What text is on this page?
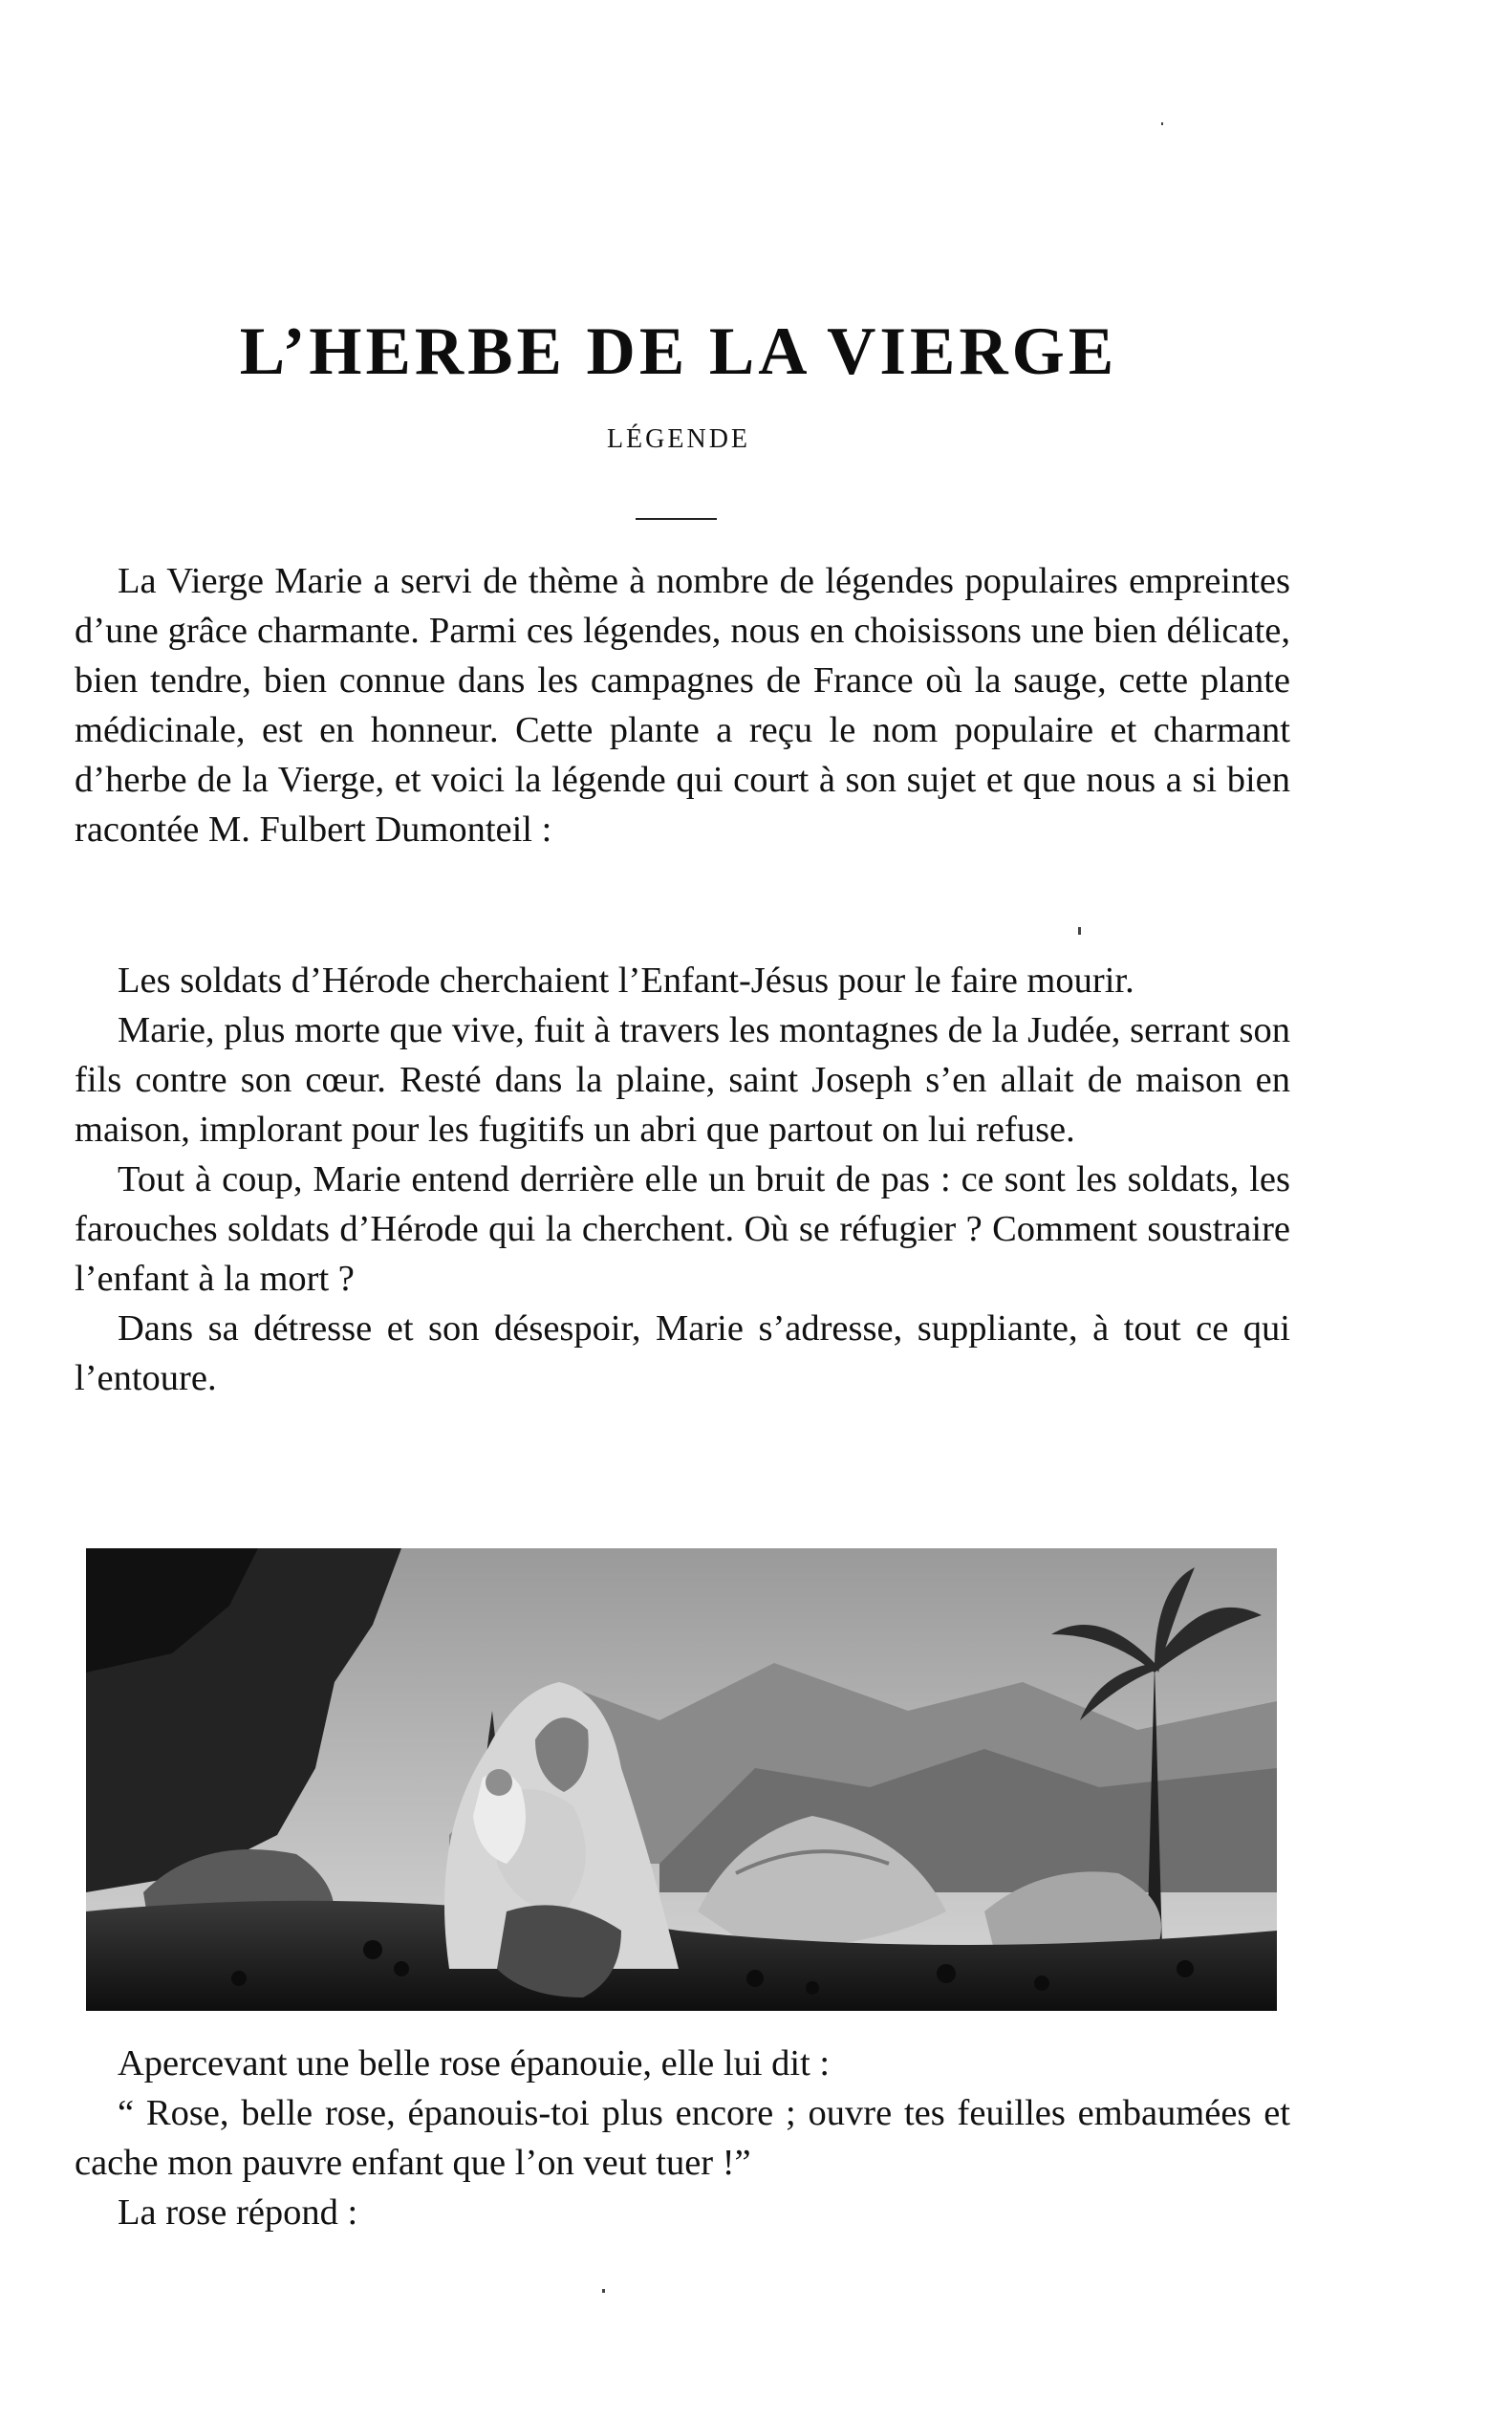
L’HERBE DE LA VIERGE
LÉGENDE

La Vierge Marie a servi de thème à nombre de légendes populaires empreintes d’une grâce charmante. Parmi ces légendes, nous en choisissons une bien délicate, bien tendre, bien connue dans les campagnes de France où la sauge, cette plante médicinale, est en honneur. Cette plante a reçu le nom populaire et charmant d’herbe de la Vierge, et voici la légende qui court à son sujet et que nous a si bien racontée M. Fulbert Dumonteil :

Les soldats d’Hérode cherchaient l’Enfant-Jésus pour le faire mourir.

Marie, plus morte que vive, fuit à travers les montagnes de la Judée, serrant son fils contre son cœur. Resté dans la plaine, saint Joseph s’en allait de maison en maison, implorant pour les fugitifs un abri que partout on lui refuse.

Tout à coup, Marie entend derrière elle un bruit de pas : ce sont les soldats, les farouches soldats d’Hérode qui la cherchent. Où se réfugier ? Comment soustraire l’enfant à la mort ?

Dans sa détresse et son désespoir, Marie s’adresse, suppliante, à tout ce qui l’entoure.

Apercevant une belle rose épanouie, elle lui dit :

“ Rose, belle rose, épanouis-toi plus encore ; ouvre tes feuilles embaumées et cache mon pauvre enfant que l’on veut tuer !”

La rose répond :
